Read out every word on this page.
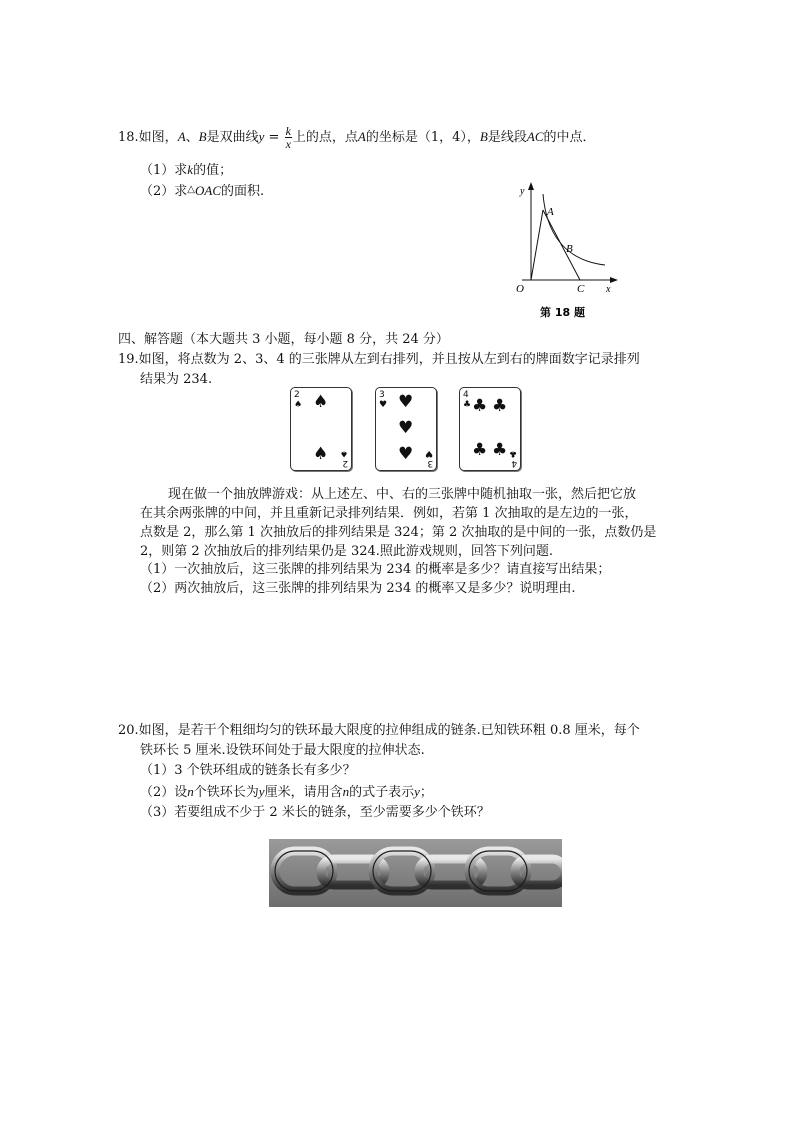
18.如图，A、B是双曲线$y = \frac{k}{x}$ 上的点，点A的坐标是（1，4），B是线段AC的中点．
（1）求k的值；
（2）求△OAC的面积.	y
x
O
A
B
C
第 18 题
四、解答题（本大题共 3 小题，每小题 8 分，共 24 分）
19.如图，将点数为 2、3、4 的三张牌从左到右排列，并且按从左到右的牌面数字记录排列
结果为 234.
2
♠ ♠
♠ 2
♠
3
♥ ♥
♥
♥ 3
♥
4
♣ ♣ ♣
♣ ♣
4
♣
现在做一个抽放牌游戏：从上述左、中、右的三张牌中随机抽取一张，然后把它放
在其余两张牌的中间，并且重新记录排列结果．例如，若第 1 次抽取的是左边的一张，
点数是 2，那么第 1 次抽放后的排列结果是 324；第 2 次抽取的是中间的一张，点数仍是
2，则第 2 次抽放后的排列结果仍是 324.照此游戏规则，回答下列问题.
（1）一次抽放后，这三张牌的排列结果为 234 的概率是多少？请直接写出结果；
（2）两次抽放后，这三张牌的排列结果为 234 的概率又是多少？说明理由.
20.如图，是若干个粗细均匀的铁环最大限度的拉伸组成的链条.已知铁环粗 0.8 厘米，每个
铁环长 5 厘米.设铁环间处于最大限度的拉伸状态.
（1）3 个铁环组成的链条长有多少？
（2）设n个铁环长为y厘米，请用含n的式子表示y；
（3）若要组成不少于 2 米长的链条，至少需要多少个铁环？
